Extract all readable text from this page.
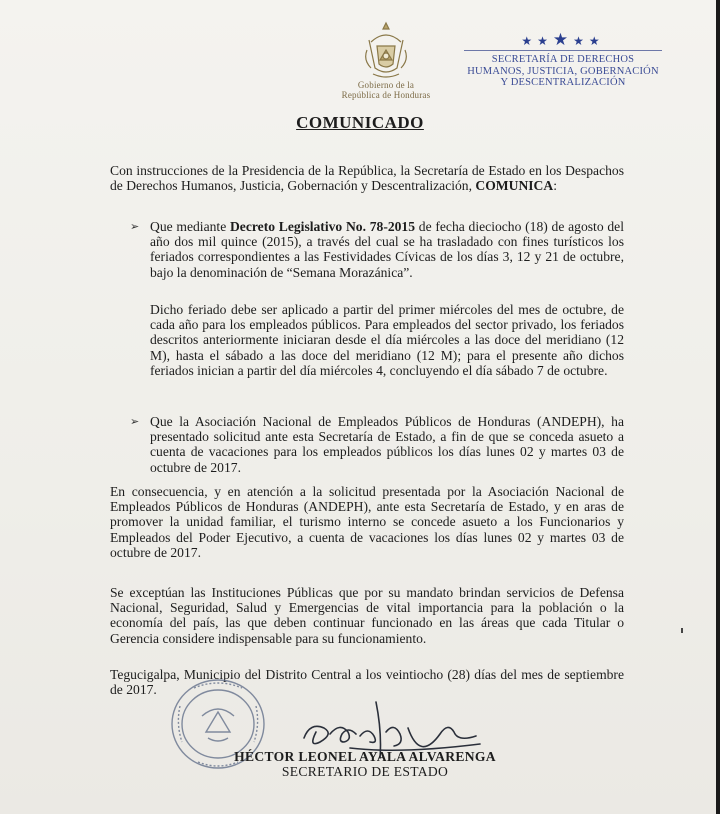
Gobierno de la
República de Honduras
★★★★★
SECRETARÍA DE DERECHOS
HUMANOS, JUSTICIA, GOBERNACIÓN
Y DESCENTRALIZACIÓN
COMUNICADO
Con instrucciones de la Presidencia de la República, la Secretaría de Estado en los Despachos de Derechos Humanos, Justicia, Gobernación y Descentralización, COMUNICA:
➢ Que mediante Decreto Legislativo No. 78-2015 de fecha dieciocho (18) de agosto del año dos mil quince (2015), a través del cual se ha trasladado con fines turísticos los feriados correspondientes a las Festividades Cívicas de los días 3, 12 y 21 de octubre, bajo la denominación de “Semana Morazánica”.
Dicho feriado debe ser aplicado a partir del primer miércoles del mes de octubre, de cada año para los empleados públicos. Para empleados del sector privado, los feriados descritos anteriormente iniciaran desde el día miércoles a las doce del meridiano (12 M), hasta el sábado a las doce del meridiano (12 M); para el presente año dichos feriados inician a partir del día miércoles 4, concluyendo el día sábado 7 de octubre.
➢ Que la Asociación Nacional de Empleados Públicos de Honduras (ANDEPH), ha presentado solicitud ante esta Secretaría de Estado, a fin de que se conceda asueto a cuenta de vacaciones para los empleados públicos los días lunes 02 y martes 03 de octubre de 2017.
En consecuencia, y en atención a la solicitud presentada por la Asociación Nacional de Empleados Públicos de Honduras (ANDEPH), ante esta Secretaría de Estado, y en aras de promover la unidad familiar, el turismo interno se concede asueto a los Funcionarios y Empleados del Poder Ejecutivo, a cuenta de vacaciones los días lunes 02 y martes 03 de octubre de 2017.
Se exceptúan las Instituciones Públicas que por su mandato brindan servicios de Defensa Nacional, Seguridad, Salud y Emergencias de vital importancia para la población o la economía del país, las que deben continuar funcionado en las áreas que cada Titular o Gerencia considere indispensable para su funcionamiento.
Tegucigalpa, Municipio del Distrito Central a los veintiocho (28) días del mes de septiembre de 2017.
HÉCTOR LEONEL AYALA ALVARENGA
SECRETARIO DE ESTADO
